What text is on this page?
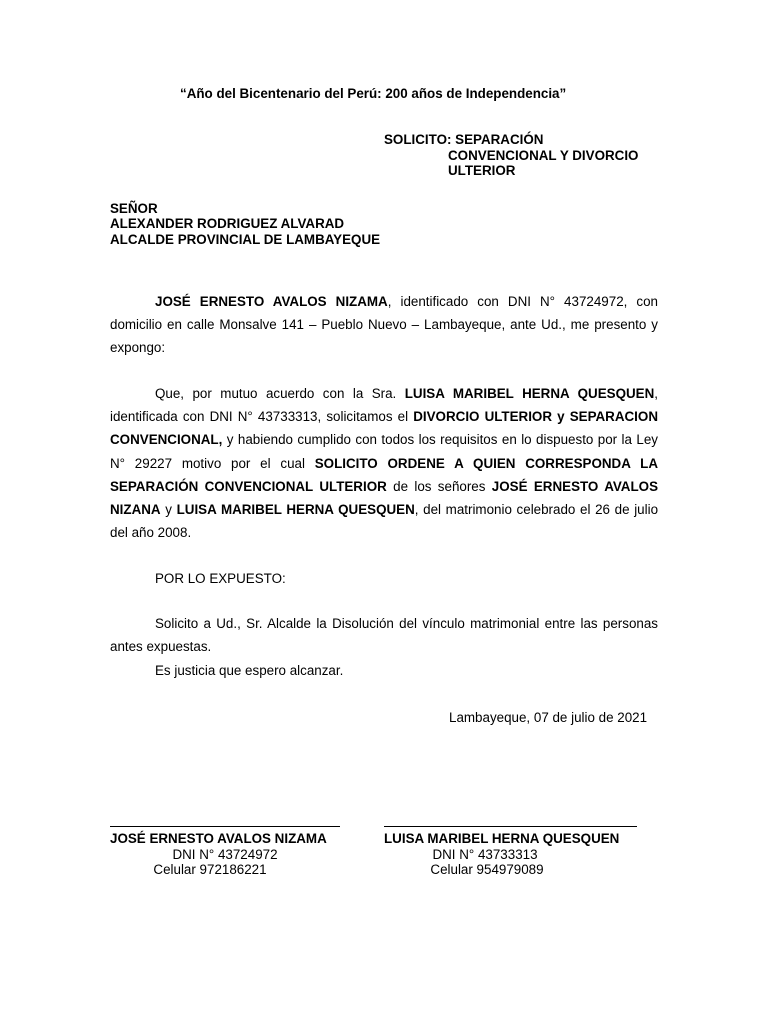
“Año del Bicentenario del Perú: 200 años de Independencia”
SOLICITO: SEPARACIÓN
CONVENCIONAL Y DIVORCIO
ULTERIOR
SEÑOR
ALEXANDER RODRIGUEZ ALVARAD
ALCALDE PROVINCIAL DE LAMBAYEQUE
JOSÉ ERNESTO AVALOS NIZAMA, identificado con DNI N° 43724972, con domicilio en calle Monsalve 141 – Pueblo Nuevo – Lambayeque, ante Ud., me presento y expongo:
Que, por mutuo acuerdo con la Sra. LUISA MARIBEL HERNA QUESQUEN, identificada con DNI N° 43733313, solicitamos el DIVORCIO ULTERIOR y SEPARACION CONVENCIONAL, y habiendo cumplido con todos los requisitos en lo dispuesto por la Ley N° 29227 motivo por el cual SOLICITO ORDENE A QUIEN CORRESPONDA LA SEPARACIÓN CONVENCIONAL ULTERIOR de los señores JOSÉ ERNESTO AVALOS NIZANA y LUISA MARIBEL HERNA QUESQUEN, del matrimonio celebrado el 26 de julio del año 2008.
POR LO EXPUESTO:
Solicito a Ud., Sr. Alcalde la Disolución del vínculo matrimonial entre las personas antes expuestas.
Es justicia que espero alcanzar.
Lambayeque, 07 de julio de 2021
JOSÉ ERNESTO AVALOS NIZAMA
DNI N° 43724972
Celular 972186221
LUISA MARIBEL HERNA QUESQUEN
DNI N° 43733313
Celular 954979089
